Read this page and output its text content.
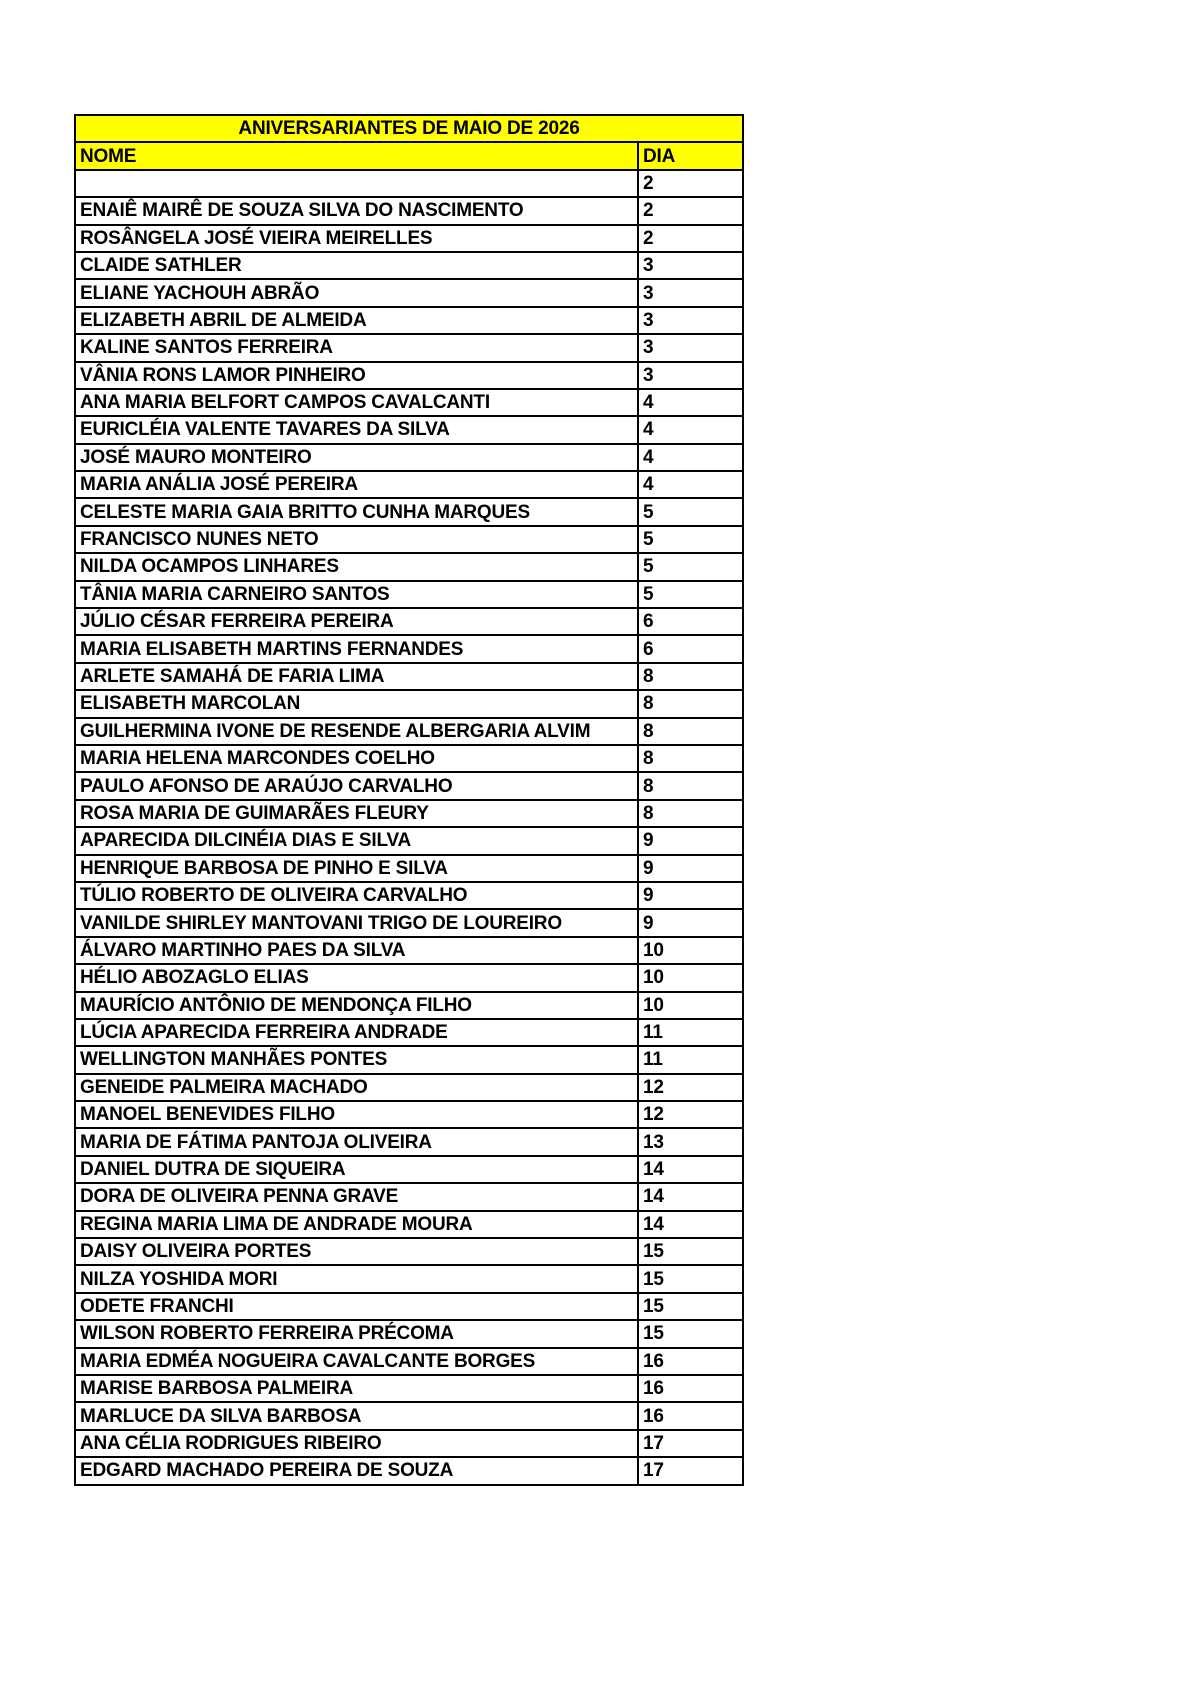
ANIVERSARIANTES DE MAIO DE 2026	
NOME	DIA
	2
ENAIÊ MAIRÊ DE SOUZA SILVA DO NASCIMENTO	2
ROSÂNGELA JOSÉ VIEIRA MEIRELLES	2
CLAIDE SATHLER	3
ELIANE YACHOUH ABRÃO	3
ELIZABETH ABRIL DE ALMEIDA	3
KALINE SANTOS FERREIRA	3
VÂNIA RONS LAMOR PINHEIRO	3
ANA MARIA BELFORT CAMPOS CAVALCANTI	4
EURICLÉIA VALENTE TAVARES DA SILVA	4
JOSÉ MAURO MONTEIRO	4
MARIA ANÁLIA JOSÉ PEREIRA	4
CELESTE MARIA GAIA BRITTO CUNHA MARQUES	5
FRANCISCO NUNES NETO	5
NILDA OCAMPOS LINHARES	5
TÂNIA MARIA CARNEIRO SANTOS	5
JÚLIO CÉSAR FERREIRA PEREIRA	6
MARIA ELISABETH MARTINS FERNANDES	6
ARLETE SAMAHÁ DE FARIA LIMA	8
ELISABETH MARCOLAN	8
GUILHERMINA IVONE DE RESENDE ALBERGARIA ALVIM	8
MARIA HELENA MARCONDES COELHO	8
PAULO AFONSO DE ARAÚJO CARVALHO	8
ROSA MARIA DE GUIMARÃES FLEURY	8
APARECIDA DILCINÉIA DIAS E SILVA	9
HENRIQUE BARBOSA DE PINHO E SILVA	9
TÚLIO ROBERTO DE OLIVEIRA CARVALHO	9
VANILDE SHIRLEY MANTOVANI TRIGO DE LOUREIRO	9
ÁLVARO MARTINHO PAES DA SILVA	10
HÉLIO ABOZAGLO ELIAS	10
MAURÍCIO ANTÔNIO DE MENDONÇA FILHO	10
LÚCIA APARECIDA FERREIRA ANDRADE	11
WELLINGTON MANHÃES PONTES	11
GENEIDE PALMEIRA MACHADO	12
MANOEL BENEVIDES FILHO	12
MARIA DE FÁTIMA PANTOJA OLIVEIRA	13
DANIEL DUTRA DE SIQUEIRA	14
DORA DE OLIVEIRA PENNA GRAVE	14
REGINA MARIA LIMA DE ANDRADE MOURA	14
DAISY OLIVEIRA PORTES	15
NILZA YOSHIDA MORI	15
ODETE FRANCHI	15
WILSON ROBERTO FERREIRA PRÉCOMA	15
MARIA EDMÉA NOGUEIRA CAVALCANTE BORGES	16
MARISE BARBOSA PALMEIRA	16
MARLUCE DA SILVA BARBOSA	16
ANA CÉLIA RODRIGUES RIBEIRO	17
EDGARD MACHADO PEREIRA DE SOUZA	17
